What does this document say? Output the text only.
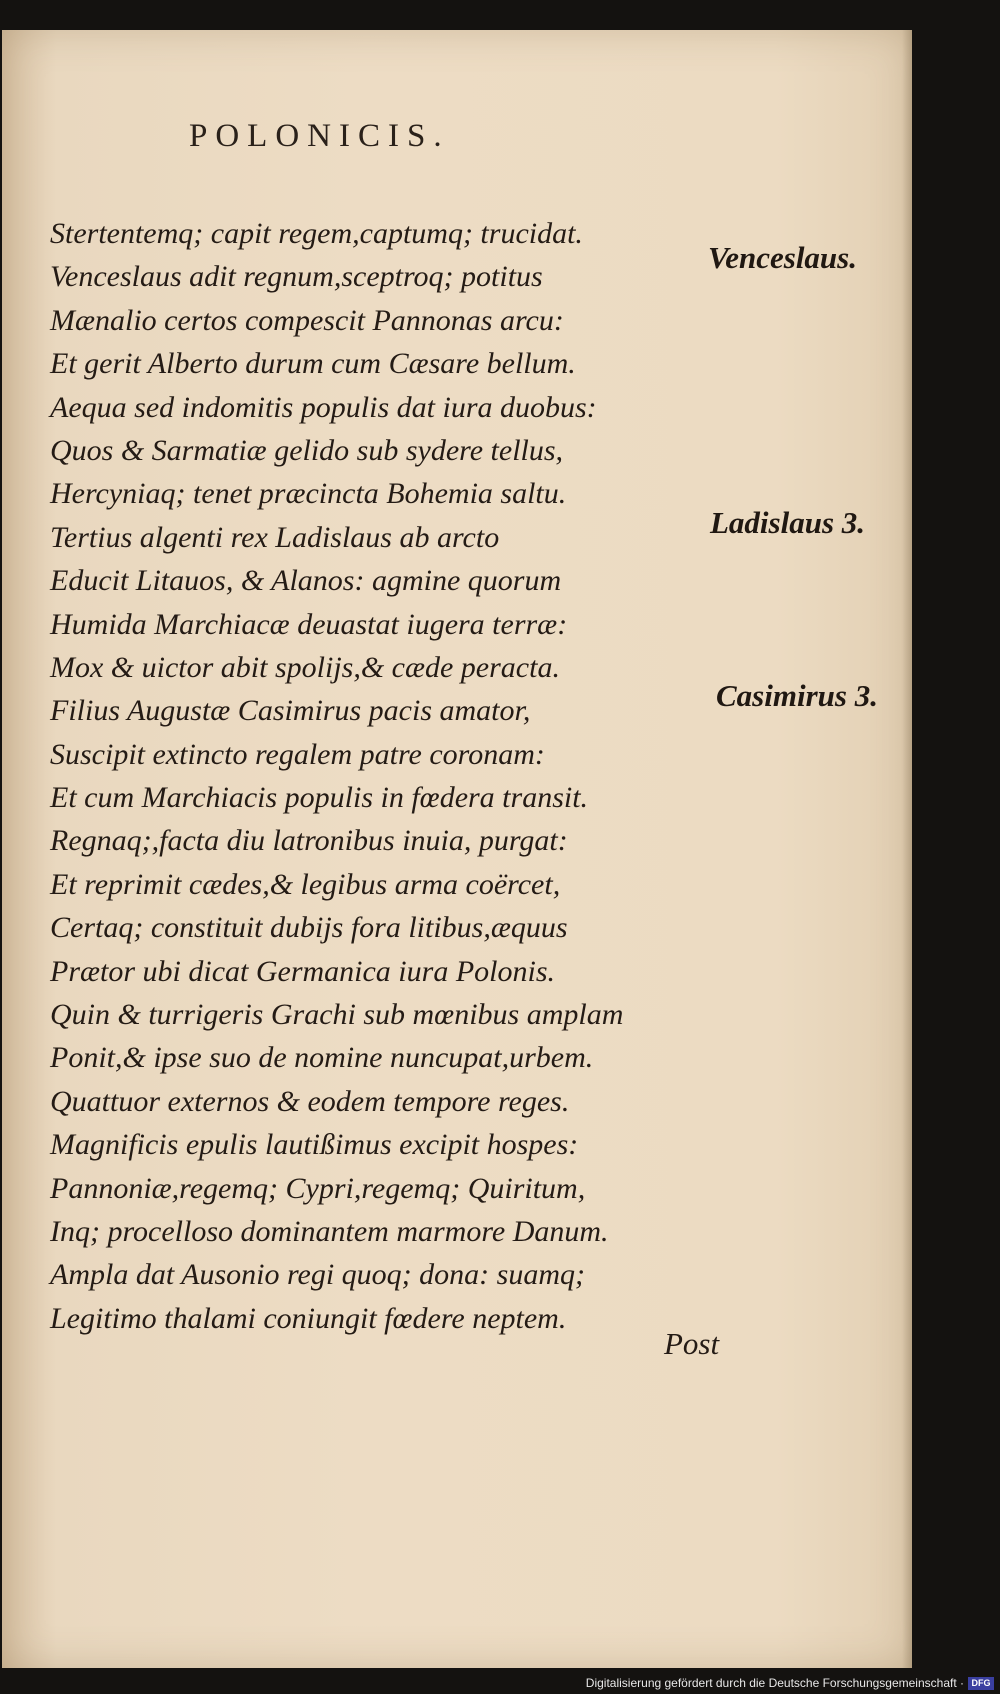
POLONICIS.
Stertentemq; capit regem,captumq; trucidat.
Venceslaus adit regnum,sceptroq; potitus
Mænalio certos compescit Pannonas arcu:
Et gerit Alberto durum cum Cæsare bellum.
Aequa sed indomitis populis dat iura duobus:
Quos & Sarmatiæ gelido sub sydere tellus,
Hercyniaq; tenet præcincta Bohemia saltu.
Tertius algenti rex Ladislaus ab arcto
Educit Litauos, & Alanos: agmine quorum
Humida Marchiacæ deuastat iugera terræ:
Mox & uictor abit spolijs,& cæde peracta.
Filius Augustæ Casimirus pacis amator,
Suscipit extincto regalem patre coronam:
Et cum Marchiacis populis in fœdera transit.
Regnaq;,facta diu latronibus inuia, purgat:
Et reprimit cædes,& legibus arma coërcet,
Certaq; constituit dubijs fora litibus,æquus
Prætor ubi dicat Germanica iura Polonis.
Quin & turrigeris Grachi sub mœnibus amplam
Ponit,& ipse suo de nomine nuncupat,urbem.
Quattuor externos & eodem tempore reges.
Magnificis epulis lautißimus excipit hospes:
Pannoniæ,regemq; Cypri,regemq; Quiritum,
Inq; procelloso dominantem marmore Danum.
Ampla dat Ausonio regi quoq; dona: suamq;
Legitimo thalami coniungit fœdere neptem.
Venceslaus.
Ladislaus 3.
Casimirus 3.
Post
Digitalisierung gefördert durch die Deutsche Forschungsgemeinschaft · DFG
